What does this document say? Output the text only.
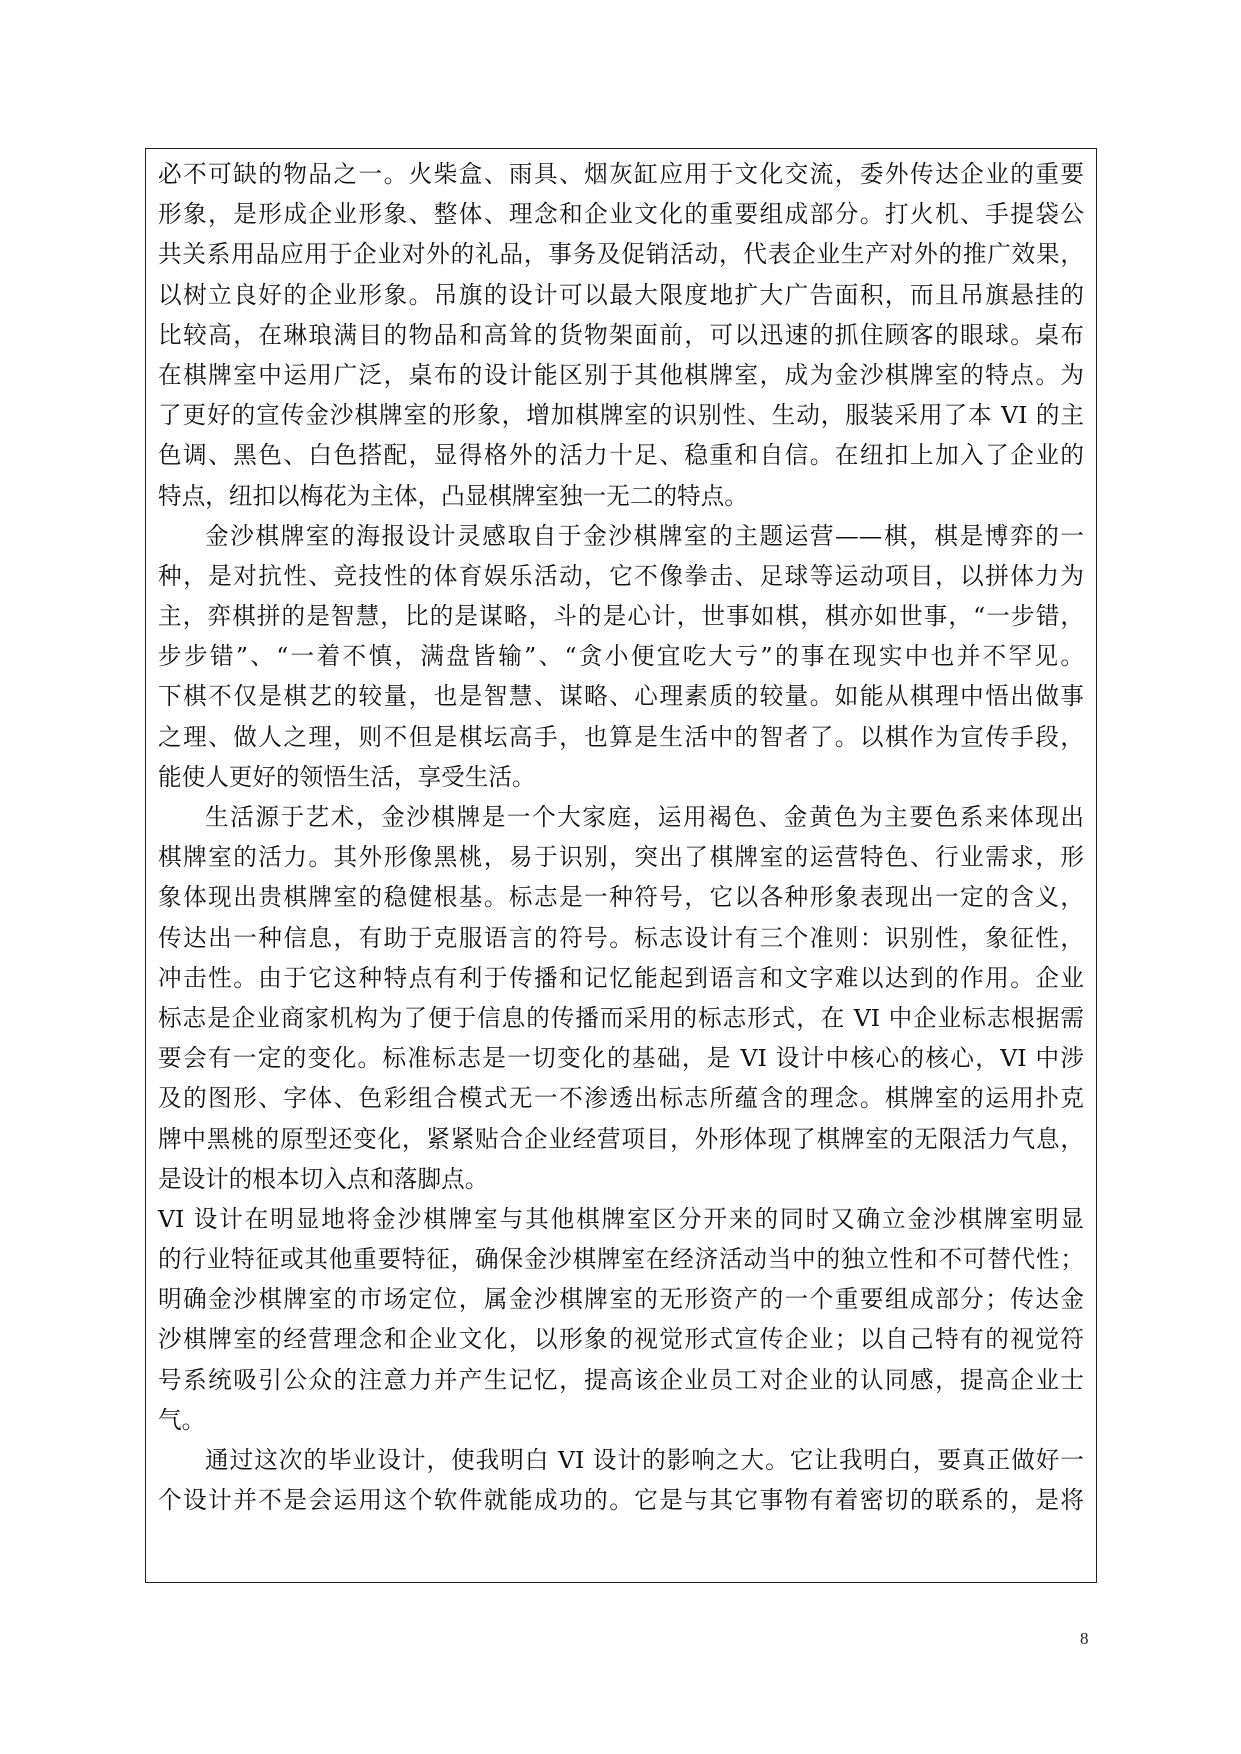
必不可缺的物品之一。火柴盒、雨具、烟灰缸应用于文化交流，委外传达企业的重要
形象，是形成企业形象、整体、理念和企业文化的重要组成部分。打火机、手提袋公
共关系用品应用于企业对外的礼品，事务及促销活动，代表企业生产对外的推广效果，
以树立良好的企业形象。吊旗的设计可以最大限度地扩大广告面积，而且吊旗悬挂的
比较高，在琳琅满目的物品和高耸的货物架面前，可以迅速的抓住顾客的眼球。桌布
在棋牌室中运用广泛，桌布的设计能区别于其他棋牌室，成为金沙棋牌室的特点。为
了更好的宣传金沙棋牌室的形象，增加棋牌室的识别性、生动，服装采用了本 VI 的主
色调、黑色、白色搭配，显得格外的活力十足、稳重和自信。在纽扣上加入了企业的
特点，纽扣以梅花为主体，凸显棋牌室独一无二的特点。
金沙棋牌室的海报设计灵感取自于金沙棋牌室的主题运营——棋，棋是博弈的一
种，是对抗性、竞技性的体育娱乐活动，它不像拳击、足球等运动项目，以拼体力为
主，弈棋拼的是智慧，比的是谋略，斗的是心计，世事如棋，棋亦如世事，“一步错，
步步错”、“一着不慎，满盘皆输”、“贪小便宜吃大亏”的事在现实中也并不罕见。
下棋不仅是棋艺的较量，也是智慧、谋略、心理素质的较量。如能从棋理中悟出做事
之理、做人之理，则不但是棋坛高手，也算是生活中的智者了。以棋作为宣传手段，
能使人更好的领悟生活，享受生活。
生活源于艺术，金沙棋牌是一个大家庭，运用褐色、金黄色为主要色系来体现出
棋牌室的活力。其外形像黑桃，易于识别，突出了棋牌室的运营特色、行业需求，形
象体现出贵棋牌室的稳健根基。标志是一种符号，它以各种形象表现出一定的含义，
传达出一种信息，有助于克服语言的符号。标志设计有三个准则：识别性，象征性，
冲击性。由于它这种特点有利于传播和记忆能起到语言和文字难以达到的作用。企业
标志是企业商家机构为了便于信息的传播而采用的标志形式，在 VI 中企业标志根据需
要会有一定的变化。标准标志是一切变化的基础，是 VI 设计中核心的核心，VI 中涉
及的图形、字体、色彩组合模式无一不渗透出标志所蕴含的理念。棋牌室的运用扑克
牌中黑桃的原型还变化，紧紧贴合企业经营项目，外形体现了棋牌室的无限活力气息，
是设计的根本切入点和落脚点。
VI 设计在明显地将金沙棋牌室与其他棋牌室区分开来的同时又确立金沙棋牌室明显
的行业特征或其他重要特征，确保金沙棋牌室在经济活动当中的独立性和不可替代性；
明确金沙棋牌室的市场定位，属金沙棋牌室的无形资产的一个重要组成部分；传达金
沙棋牌室的经营理念和企业文化，以形象的视觉形式宣传企业；以自己特有的视觉符
号系统吸引公众的注意力并产生记忆，提高该企业员工对企业的认同感，提高企业士
气。
通过这次的毕业设计，使我明白 VI 设计的影响之大。它让我明白，要真正做好一
个设计并不是会运用这个软件就能成功的。它是与其它事物有着密切的联系的，是将
8
